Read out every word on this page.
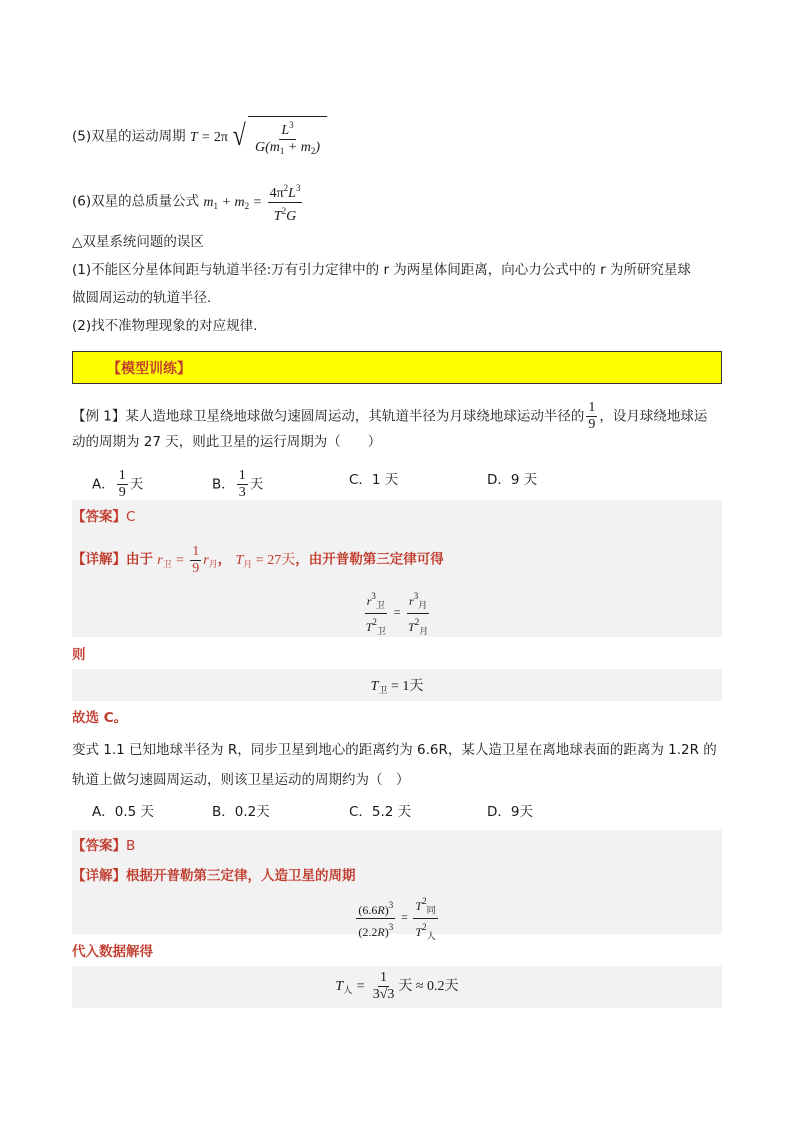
(5)双星的运动周期 T = 2π √ $\frac{L^3}{G(m_1 + m_2)}$
(6)双星的总质量公式 $m_1 + m_2 = \frac{4\pi^2L^3}{T^2G}$
△双星系统问题的误区
(1)不能区分星体间距与轨道半径:万有引力定律中的 r 为两星体间距离，向心力公式中的 r 为所研究星球
做圆周运动的轨道半径.
(2)找不准物理现象的对应规律.
【模型训练】
【例 1】某人造地球卫星绕地球做匀速圆周运动，其轨道半径为月球绕地球运动半径的 $\frac{1}{9}$ ，设月球绕地球运
动的周期为 27 天，则此卫星的运行周期为（　　）
A． $\frac{1}{9}$ 天	B． $\frac{1}{3}$ 天	C．1 天	D．9 天
【答案】C
【详解】由于 $r_卫 = \frac{1}{9} r_月$， $T_月 = 27$天，由开普勒第三定律可得
$\frac{r^3_卫}{T^2_卫} = \frac{r^3_月}{T^2_月}$
则
$T_卫 = 1$天
故选 C。
变式 1.1 已知地球半径为 R，同步卫星到地心的距离约为 6.6R，某人造卫星在离地球表面的距离为 1.2R 的
轨道上做匀速圆周运动，则该卫星运动的周期约为（　）
A．0.5 天	B．0.2天	C．5.2 天	D．9天
【答案】B
【详解】根据开普勒第三定律，人造卫星的周期
$\frac{(6.6R)^3}{(2.2R)^3} = \frac{T^2_同}{T^2_人}$
代入数据解得
$T_人 = \frac{1}{3√3}$ 天 ≈ 0.2天
